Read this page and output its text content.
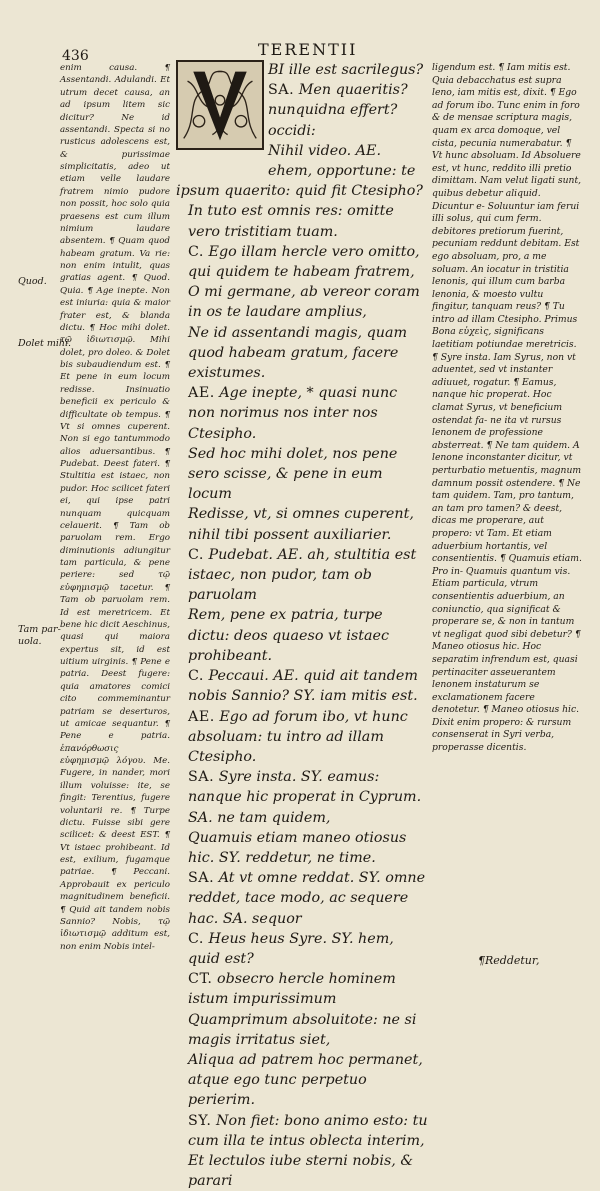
436	TERENTII
Quod.
Dolet mihi.
Tam par-
uola.
enim causa. ¶ Assentandi. Adulandi. Et utrum decet causa, an ad ipsum litem sic dicitur? Ne id assentandi. Specta si no rusticus adolescens est, & purissimae simplicitatis, adeo ut etiam velle laudare fratrem nimio pudore non possit, hoc solo quia praesens est cum illum nimium laudare absentem. ¶ Quam quod habeam gratum. Va rie: non enim intulit, quas gratias agent. ¶ Quod. Quia. ¶ Age inepte. Non est iniuria: quia & maior frater est, & blanda dictu. ¶ Hoc mihi dolet. τῷ ἰδιωτισμῷ. Mihi dolet, pro doleo. & Dolet bis subaudiendum est. ¶ Et pene in eum locum redisse. Insinuatio beneficii ex periculo & difficultate ob tempus. ¶ Vt si omnes cuperent. Non si ego tantummodo alios aduersantibus. ¶ Pudebat. Deest fateri. ¶ Stultitia est istaec, non pudor. Hoc scilicet fateri ei, qui ipse patri nunquam quicquam celauerit. ¶ Tam ob paruolam rem. Ergo diminutionis adiungitur tam particula, & pene periere: sed τῷ εὐφημισμῷ tacetur. ¶ Tam ob paruolam rem. Id est meretricem. Et bene hic dicit Aeschinus, quasi qui maiora expertus sit, id est uitium uirginis. ¶ Pene e patria. Deest fugere: quia amatores comici cito commeminantur patriam se deserturos, ut amicae sequantur. ¶ Pene e patria. ἐπανόρθωσις εὐφημισμῷ λόγου. Me. Fugere, in nander, mori illum voluisse: ite, se fingit: Terentius, fugere voluntarii re. ¶ Turpe dictu. Fuisse sibi gere scilicet: & deest EST. ¶ Vt istaec prohibeant. Id est, exilium, fugamque patriae. ¶ Peccani. Approbauit ex periculo magnitudinem beneficii. ¶ Quid ait tandem nobis Sannio? Nobis, τῷ ἰδιωτισμῷ additum est, non enim Nobis intel-

BI ille est sacrilegus?

SA. Men quaeritis? nunquidna effert? occidi:

Nihil video. AE. ehem, opportune: te ipsum quaerito: quid fit Ctesipho?

In tuto est omnis res: omitte vero tristitiam tuam.

C. Ego illam hercle vero omitto, qui quidem te habeam fratrem,

O mi germane, ab vereor coram in os te laudare amplius,

Ne id assentandi magis, quam quod habeam gratum, facere existumes.

AE. Age inepte, * quasi nunc non norimus nos inter nos Ctesipho.

Sed hoc mihi dolet, nos pene sero scisse, & pene in eum locum

Redisse, vt, si omnes cuperent, nihil tibi possent auxiliarier.

C. Pudebat. AE. ah, stultitia est istaec, non pudor, tam ob paruolam

Rem, pene ex patria, turpe dictu: deos quaeso vt istaec prohibeant.

C. Peccaui. AE. quid ait tandem nobis Sannio? SY. iam mitis est.

AE. Ego ad forum ibo, vt hunc absoluam: tu intro ad illam Ctesipho.

SA. Syre insta. SY. eamus: nanque hic properat in Cyprum. SA. ne tam quidem,

Quamuis etiam maneo otiosus hic. SY. reddetur, ne time.

SA. At vt omne reddat. SY. omne reddet, tace modo, ac sequere hac. SA. sequor

C. Heus heus Syre. SY. hem, quid est?

CT. obsecro hercle hominem istum impurissimum

Quamprimum absoluitote: ne si magis irritatus siet,

Aliqua ad patrem hoc permanet, atque ego tunc perpetuo perierim.

SY. Non fiet: bono animo esto: tu cum illa te intus oblecta interim,

Et lectulos iube sterni nobis, & parari

ligendum est. ¶ Iam mitis est. Quia debacchatus est supra leno, iam mitis est, dixit. ¶ Ego ad forum ibo. Tunc enim in foro & de mensae scriptura magis, quam ex arca domoque, vel cista, pecunia numerabatur. ¶ Vt hunc absoluam. Id Absoluere est, vt hunc, reddito illi pretio dimittam. Nam velut ligati sunt, quibus debetur aliquid. Dicuntur e- Soluuntur iam ferui illi solus, qui cum ferm. debitores pretiorum fuerint, pecuniam reddunt debitam. Est ego absoluam, pro, a me soluam. An iocatur in tristitia lenonis, qui illum cum barba lenonia, & moesto vultu fingitur, tanquam reus? ¶ Tu intro ad illam Ctesipho. Primus Bona εὐχεὶς, significans laetitiam potiundae meretricis. ¶ Syre insta. Iam Syrus, non vt aduentet, sed vt instanter adiuuet, rogatur. ¶ Eamus, nanque hic properat. Hoc clamat Syrus, vt beneficium ostendat fa- ne ita vt rursus lenonem de professione absterreat. ¶ Ne tam quidem. A lenone inconstanter dicitur, vt perturbatio metuentis, magnum damnum possit ostendere. ¶ Ne tam quidem. Tam, pro tantum, an tam pro tamen? & deest, dicas me properare, aut propero: vt Tam. Et etiam aduerbium hortantis, vel consentientis. ¶ Quamuis etiam. Pro in- Quamuis quantum vis. Etiam particula, vtrum consentientis aduerbium, an coniunctio, qua significat & properare se, & non in tantum vt negligat quod sibi debetur? ¶ Maneo otiosus hic. Hoc separatim infrendum est, quasi pertinaciter asseuerantem lenonem instaturum se exclamationem facere denotetur. ¶ Maneo otiosus hic. Dixit enim propero: & rursum consenserat in Syri verba, properasse dicentis.
¶Reddetur,
